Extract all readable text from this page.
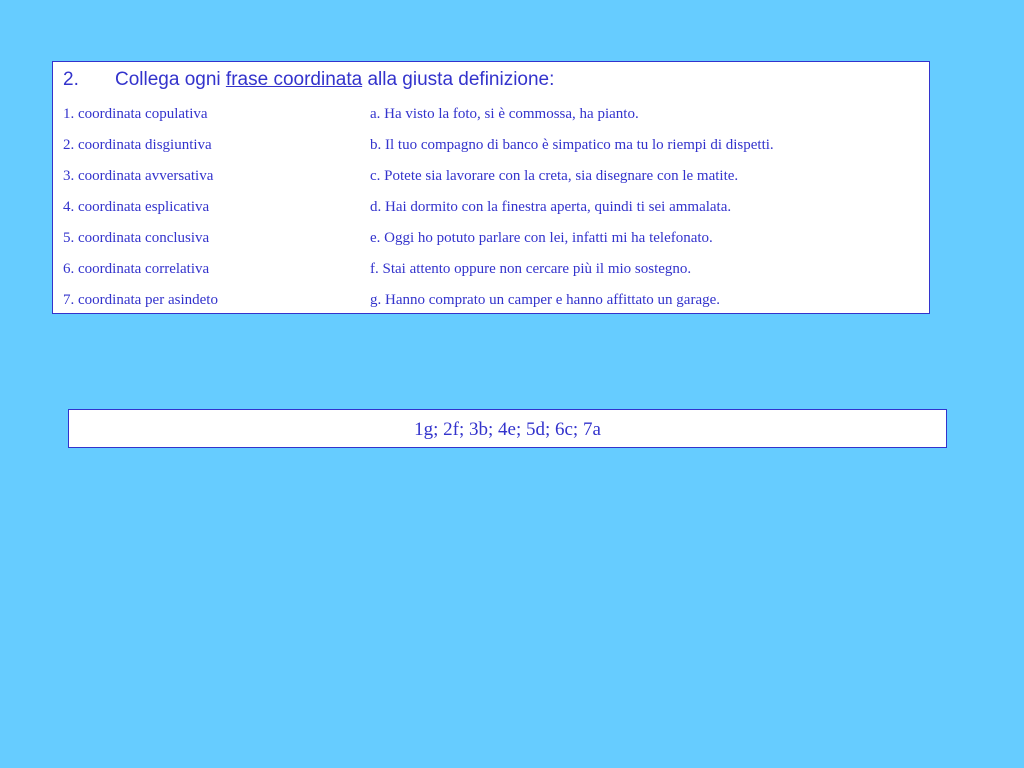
2. Collega ogni frase coordinata alla giusta definizione:
1. coordinata copulativa	a. Ha visto la foto, si è commossa, ha pianto.
2. coordinata disgiuntiva	b. Il tuo compagno di banco è simpatico ma tu lo riempi di dispetti.
3. coordinata avversativa	c. Potete sia lavorare con la creta, sia disegnare con le matite.
4. coordinata esplicativa	d. Hai dormito con la finestra aperta, quindi ti sei ammalata.
5. coordinata conclusiva	e. Oggi ho potuto parlare con lei, infatti mi ha telefonato.
6. coordinata correlativa	f. Stai attento oppure non cercare più il mio sostegno.
7. coordinata per asindeto	g. Hanno comprato un camper e hanno affittato un garage.
1g; 2f; 3b; 4e; 5d; 6c; 7a
